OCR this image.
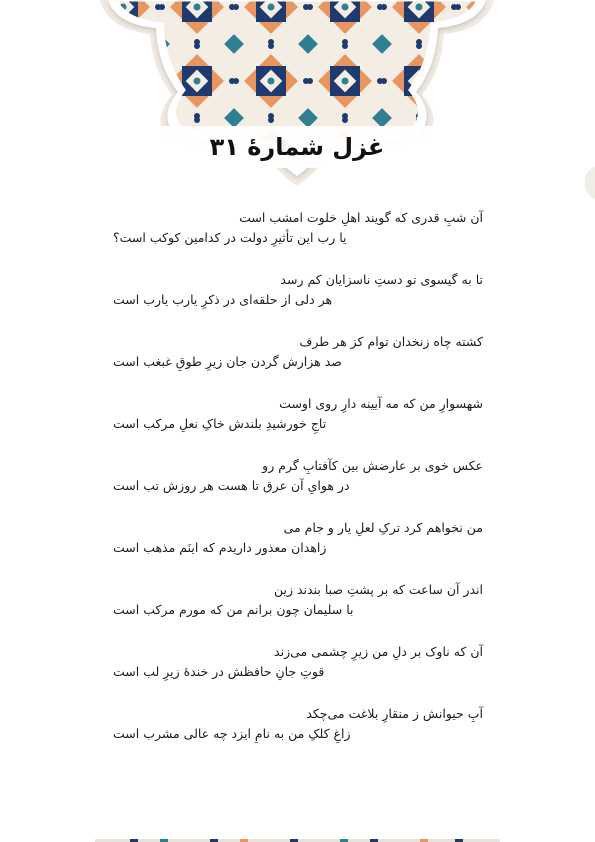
غزل شمارهٔ ۳۱
آن شبِ قدری که گویند اهلِ خلوت امشب است
یا رب این تأثیرِ دولت در کدامین کوکب است؟
تا به گیسوی تو دستِ ناسزایان کم رسد
هر دلی از حلقه‌ای در ذکرِ یارب یارب است
کشته چاه زنخدان توام کز هر طرف
صد هزارش گردن جان زیرِ طوقِ غبغب است
شهسوارِ من که مه آیینه دارِ روی اوست
تاجِ خورشیدِ بلندش خاکِ نعلِ مرکب است
عکس خوی بر عارضش بین کآفتابِ گرم رو
در هوایِ آن عرق تا هست هر روزش تب است
من نخواهم کرد ترکِ لعلِ یار و جام می
زاهدان معذور داریدم که اینَم مذهب است
اندر آن ساعت که بر پشتِ صبا بندند زین
با سلیمان چون برانم من که مورم مرکب است
آن که ناوک بر دلِ من زیرِ چشمی می‌زند
قوتِ جانِ حافظش در خندهٔ زیرِ لب است
آبِ حیوانش ز منقارِ بلاغت می‌چکد
زاغِ کلکِ من به نامِ ایزد چه عالی مشرب است
